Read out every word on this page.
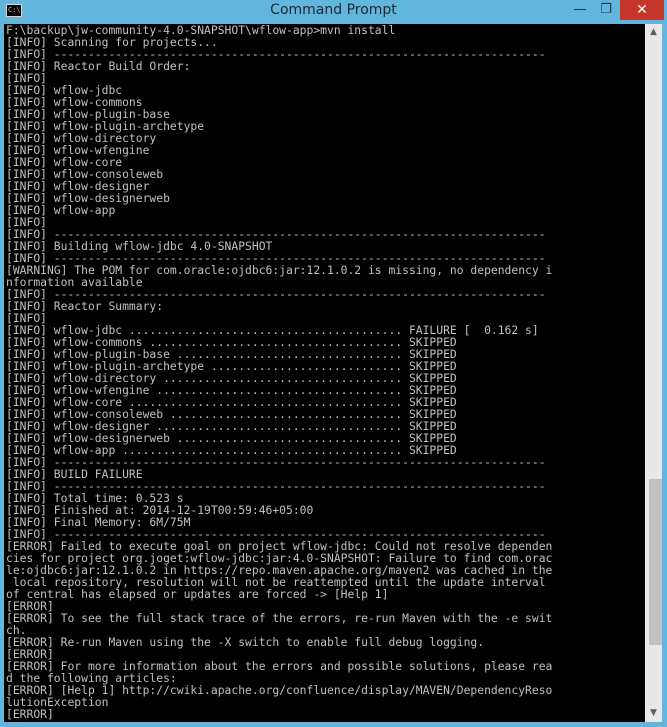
C:\.	Command Prompt	—	❐	✕
F:\backup\jw-community-4.0-SNAPSHOT\wflow-app>mvn install
[INFO] Scanning for projects...
[INFO] ------------------------------------------------------------------------
[INFO] Reactor Build Order:
[INFO]
[INFO] wflow-jdbc
[INFO] wflow-commons
[INFO] wflow-plugin-base
[INFO] wflow-plugin-archetype
[INFO] wflow-directory
[INFO] wflow-wfengine
[INFO] wflow-core
[INFO] wflow-consoleweb
[INFO] wflow-designer
[INFO] wflow-designerweb
[INFO] wflow-app
[INFO]
[INFO] ------------------------------------------------------------------------
[INFO] Building wflow-jdbc 4.0-SNAPSHOT
[INFO] ------------------------------------------------------------------------
[WARNING] The POM for com.oracle:ojdbc6:jar:12.1.0.2 is missing, no dependency i
nformation available
[INFO] ------------------------------------------------------------------------
[INFO] Reactor Summary:
[INFO]
[INFO] wflow-jdbc ........................................ FAILURE [  0.162 s]
[INFO] wflow-commons ..................................... SKIPPED
[INFO] wflow-plugin-base ................................. SKIPPED
[INFO] wflow-plugin-archetype ............................ SKIPPED
[INFO] wflow-directory ................................... SKIPPED
[INFO] wflow-wfengine .................................... SKIPPED
[INFO] wflow-core ........................................ SKIPPED
[INFO] wflow-consoleweb .................................. SKIPPED
[INFO] wflow-designer .................................... SKIPPED
[INFO] wflow-designerweb ................................. SKIPPED
[INFO] wflow-app ......................................... SKIPPED
[INFO] ------------------------------------------------------------------------
[INFO] BUILD FAILURE
[INFO] ------------------------------------------------------------------------
[INFO] Total time: 0.523 s
[INFO] Finished at: 2014-12-19T00:59:46+05:00
[INFO] Final Memory: 6M/75M
[INFO] ------------------------------------------------------------------------
[ERROR] Failed to execute goal on project wflow-jdbc: Could not resolve dependen
cies for project org.joget:wflow-jdbc:jar:4.0-SNAPSHOT: Failure to find com.orac
le:ojdbc6:jar:12.1.0.2 in https://repo.maven.apache.org/maven2 was cached in the
local repository, resolution will not be reattempted until the update interval
of central has elapsed or updates are forced -> [Help 1]
[ERROR]
[ERROR] To see the full stack trace of the errors, re-run Maven with the -e swit
ch.
[ERROR] Re-run Maven using the -X switch to enable full debug logging.
[ERROR]
[ERROR] For more information about the errors and possible solutions, please rea
d the following articles:
[ERROR] [Help 1] http://cwiki.apache.org/confluence/display/MAVEN/DependencyReso
lutionException
[ERROR]
▲
▼
